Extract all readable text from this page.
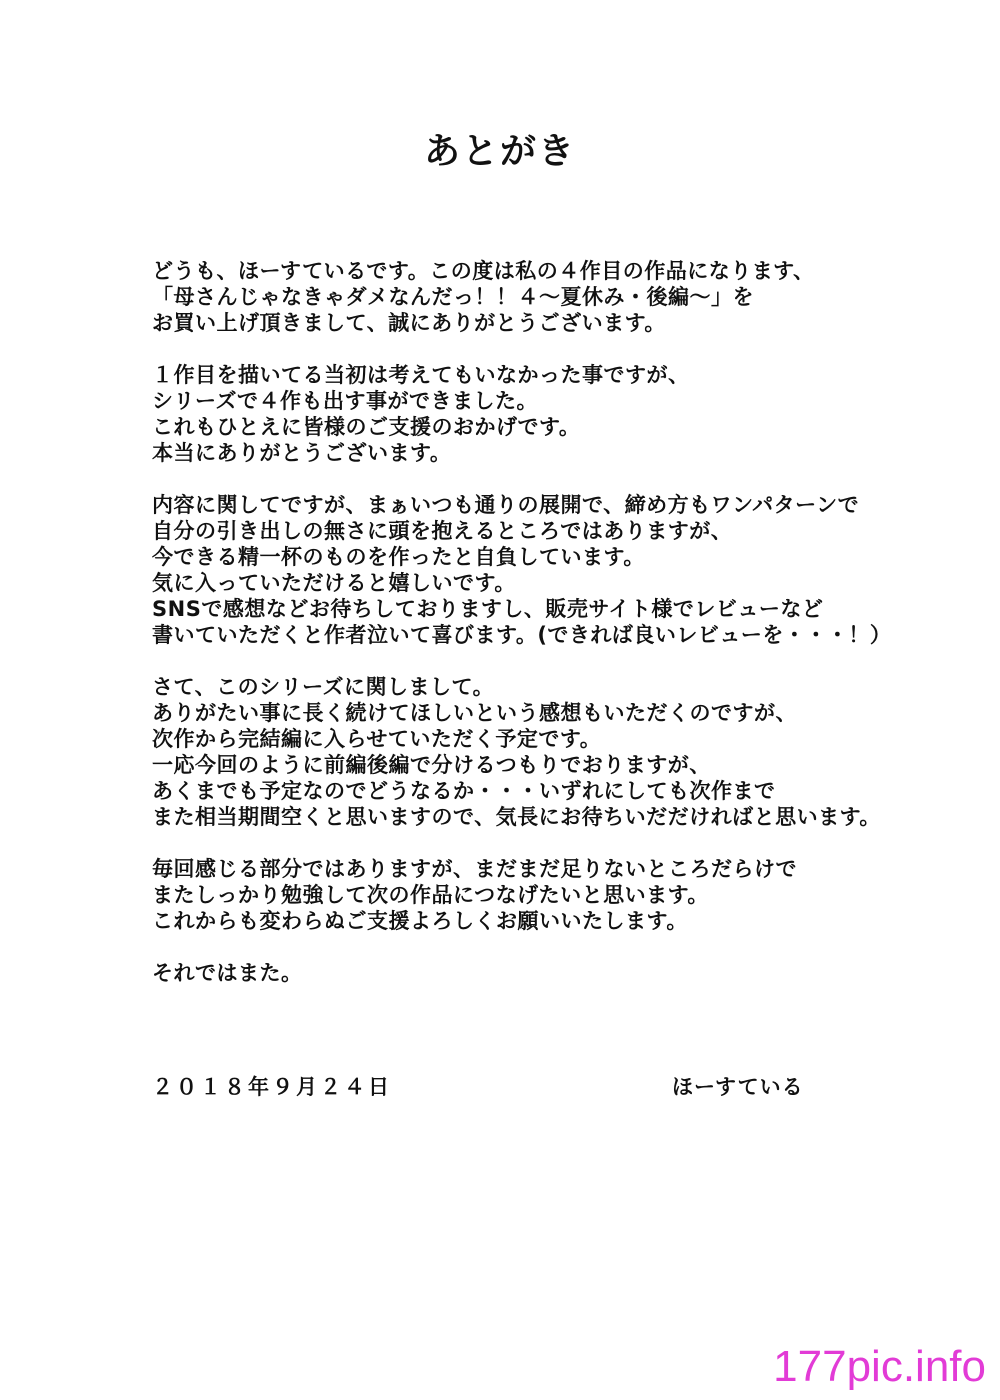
あとがき
どうも、ほーすているです。この度は私の４作目の作品になります、
「母さんじゃなきゃダメなんだっ！！４～夏休み・後編～」を
お買い上げ頂きまして、誠にありがとうございます。
１作目を描いてる当初は考えてもいなかった事ですが、
シリーズで４作も出す事ができました。
これもひとえに皆様のご支援のおかげです。
本当にありがとうございます。
内容に関してですが、まぁいつも通りの展開で、締め方もワンパターンで
自分の引き出しの無さに頭を抱えるところではありますが、
今できる精一杯のものを作ったと自負しています。
気に入っていただけると嬉しいです。
SNSで感想などお待ちしておりますし、販売サイト様でレビューなど
書いていただくと作者泣いて喜びます。(できれば良いレビューを・・・！）
さて、このシリーズに関しまして。
ありがたい事に長く続けてほしいという感想もいただくのですが、
次作から完結編に入らせていただく予定です。
一応今回のように前編後編で分けるつもりでおりますが、
あくまでも予定なのでどうなるか・・・いずれにしても次作まで
また相当期間空くと思いますので、気長にお待ちいだだければと思います。
毎回感じる部分ではありますが、まだまだ足りないところだらけで
またしっかり勉強して次の作品につなげたいと思います。
これからも変わらぬご支援よろしくお願いいたします。
それではまた。
２０１８年９月２４日	ほーすている
177pic.info
